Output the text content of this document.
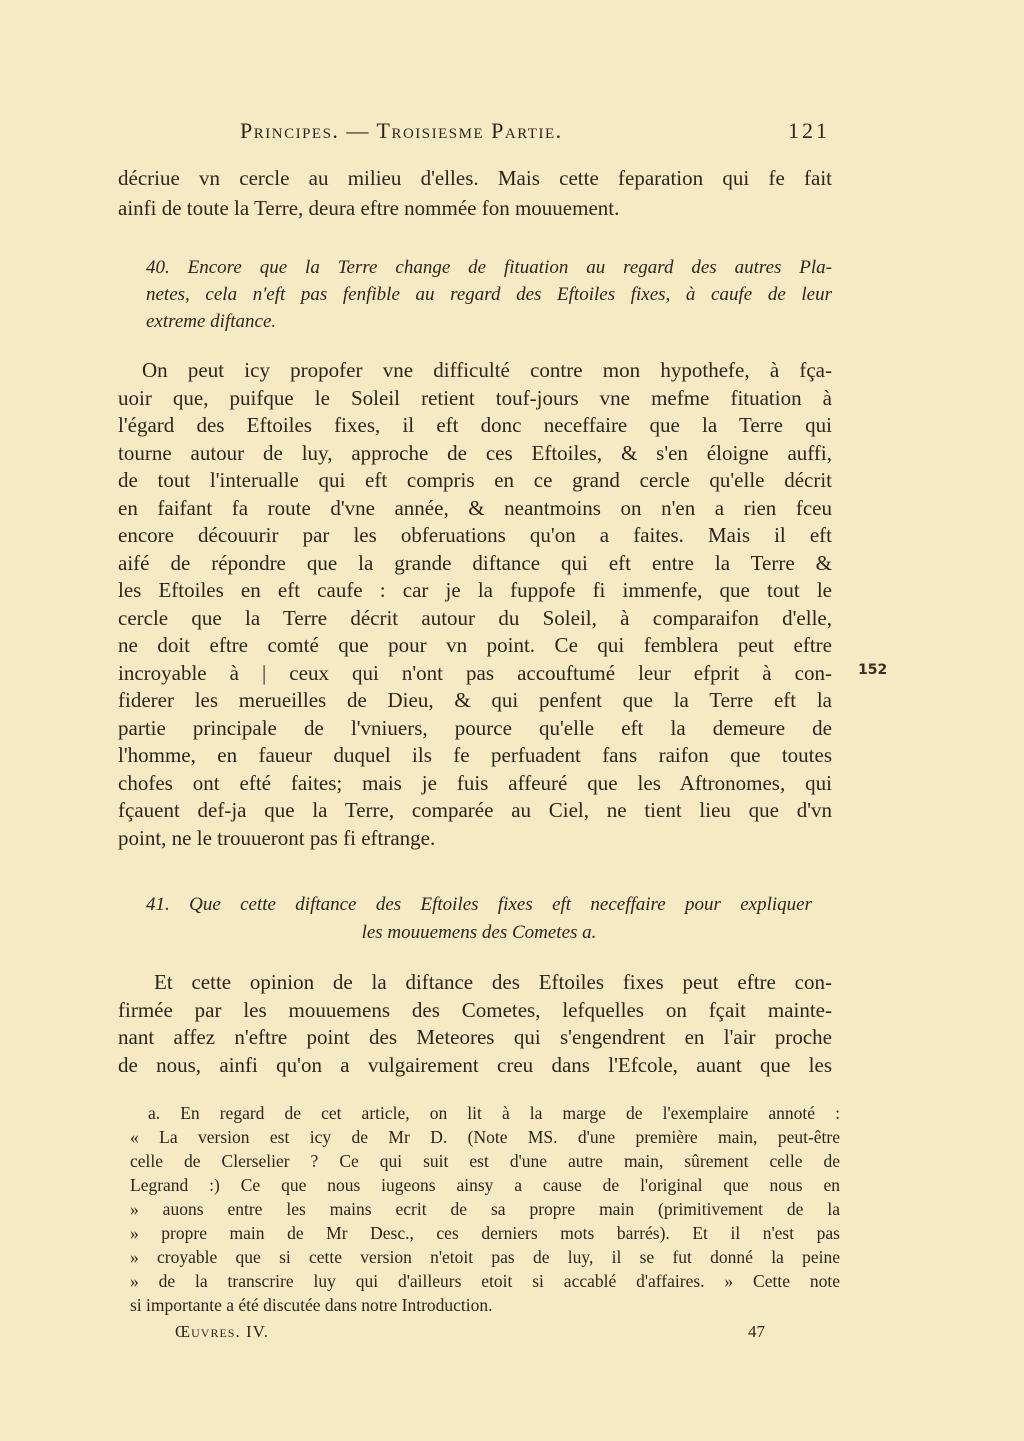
Principes. — Troisiesme Partie.	121
décriue vn cercle au milieu d'elles. Mais cette feparation qui fe fait
ainfi de toute la Terre, deura eftre nommée fon mouuement.
40. Encore que la Terre change de fituation au regard des autres Pla-
netes, cela n'eft pas fenfible au regard des Eftoiles fixes, à caufe de leur
extreme diftance.
On peut icy propofer vne difficulté contre mon hypothefe, à fça-
uoir que, puifque le Soleil retient touf-jours vne mefme fituation à
l'égard des Eftoiles fixes, il eft donc neceffaire que la Terre qui
tourne autour de luy, approche de ces Eftoiles, & s'en éloigne auffi,
de tout l'interualle qui eft compris en ce grand cercle qu'elle décrit
en faifant fa route d'vne année, & neantmoins on n'en a rien fceu
encore découurir par les obferuations qu'on a faites. Mais il eft
aifé de répondre que la grande diftance qui eft entre la Terre &
les Eftoiles en eft caufe : car je la fuppofe fi immenfe, que tout le
cercle que la Terre décrit autour du Soleil, à comparaifon d'elle,
ne doit eftre comté que pour vn point. Ce qui femblera peut eftre
incroyable à | ceux qui n'ont pas accouftumé leur efprit à con-
fiderer les merueilles de Dieu, & qui penfent que la Terre eft la
partie principale de l'vniuers, pource qu'elle eft la demeure de
l'homme, en faueur duquel ils fe perfuadent fans raifon que toutes
chofes ont efté faites; mais je fuis affeuré que les Aftronomes, qui
fçauent def-ja que la Terre, comparée au Ciel, ne tient lieu que d'vn
point, ne le trouueront pas fi eftrange.
152
41. Que cette diftance des Eftoiles fixes eft neceffaire pour expliquer
les mouuemens des Cometes a.
Et cette opinion de la diftance des Eftoiles fixes peut eftre con-
firmée par les mouuemens des Cometes, lefquelles on fçait mainte-
nant affez n'eftre point des Meteores qui s'engendrent en l'air proche
de nous, ainfi qu'on a vulgairement creu dans l'Efcole, auant que les
a. En regard de cet article, on lit à la marge de l'exemplaire annoté :
« La version est icy de Mr D. (Note MS. d'une première main, peut-être
celle de Clerselier ? Ce qui suit est d'une autre main, sûrement celle de
Legrand :) Ce que nous iugeons ainsy a cause de l'original que nous en
» auons entre les mains ecrit de sa propre main (primitivement de la
» propre main de Mr Desc., ces derniers mots barrés). Et il n'est pas
» croyable que si cette version n'etoit pas de luy, il se fut donné la peine
» de la transcrire luy qui d'ailleurs etoit si accablé d'affaires. » Cette note
si importante a été discutée dans notre Introduction.
Œuvres. IV.	47
